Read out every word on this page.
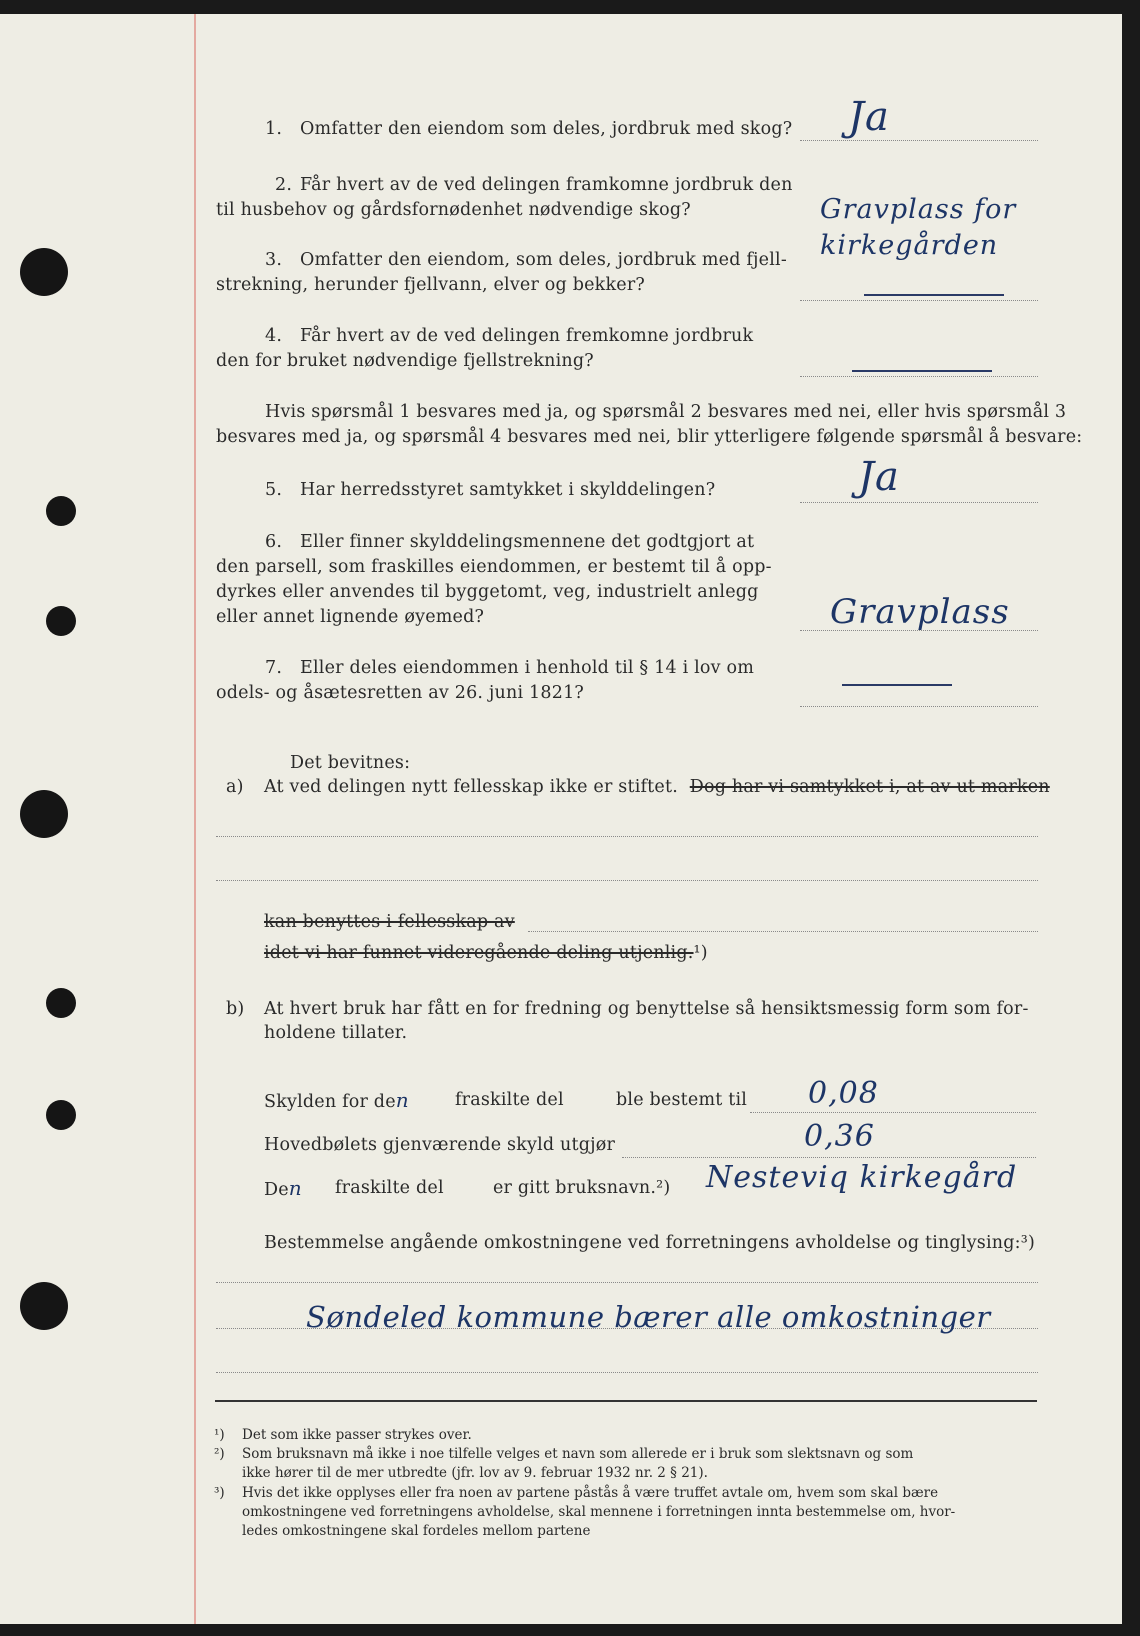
1. Omfatter den eiendom som deles, jordbruk med skog? Ja
2. Får hvert av de ved delingen framkomne jordbruk den
til husbehov og gårdsfornødenhet nødvendige skog?	Gravplass for kirkegården
3. Omfatter den eiendom, som deles, jordbruk med fjell-
strekning, herunder fjellvann, elver og bekker?
4. Får hvert av de ved delingen fremkomne jordbruk
den for bruket nødvendige fjellstrekning?
Hvis spørsmål 1 besvares med ja, og spørsmål 2 besvares med nei, eller hvis spørsmål 3
besvares med ja, og spørsmål 4 besvares med nei, blir ytterligere følgende spørsmål å besvare:
5. Har herredsstyret samtykket i skylddelingen?	Ja
6. Eller finner skylddelingsmennene det godtgjort at
den parsell, som fraskilles eiendommen, er bestemt til å opp-
dyrkes eller anvendes til byggetomt, veg, industrielt anlegg
eller annet lignende øyemed?	Gravplass
7. Eller deles eiendommen i henhold til § 14 i lov om
odels- og åsætesretten av 26. juni 1821?
Det bevitnes:
a) At ved delingen nytt fellesskap ikke er stiftet. Dog har vi samtykket i, at av ut marken
kan benyttes i fellesskap av
idet vi har funnet videregående deling utjenlig.¹)
b) At hvert bruk har fått en for fredning og benyttelse så hensiktsmessig form som for-
holdene tillater.
Skylden for den	fraskilte del	ble bestemt til 0,08
Hovedbølets gjenværende skyld utgjør	0,36
Den fraskilte del	er gitt bruksnavn.²) Nesteviq kirkegård
Bestemmelse angående omkostningene ved forretningens avholdelse og tinglysing:³)
Søndeled kommune bærer alle omkostninger
¹) Det som ikke passer strykes over.
²) Som bruksnavn må ikke i noe tilfelle velges et navn som allerede er i bruk som slektsnavn og som
ikke hører til de mer utbredte (jfr. lov av 9. februar 1932 nr. 2 § 21).
³) Hvis det ikke opplyses eller fra noen av partene påstås å være truffet avtale om, hvem som skal bære
omkostningene ved forretningens avholdelse, skal mennene i forretningen innta bestemmelse om, hvor-
ledes omkostningene skal fordeles mellom partene
